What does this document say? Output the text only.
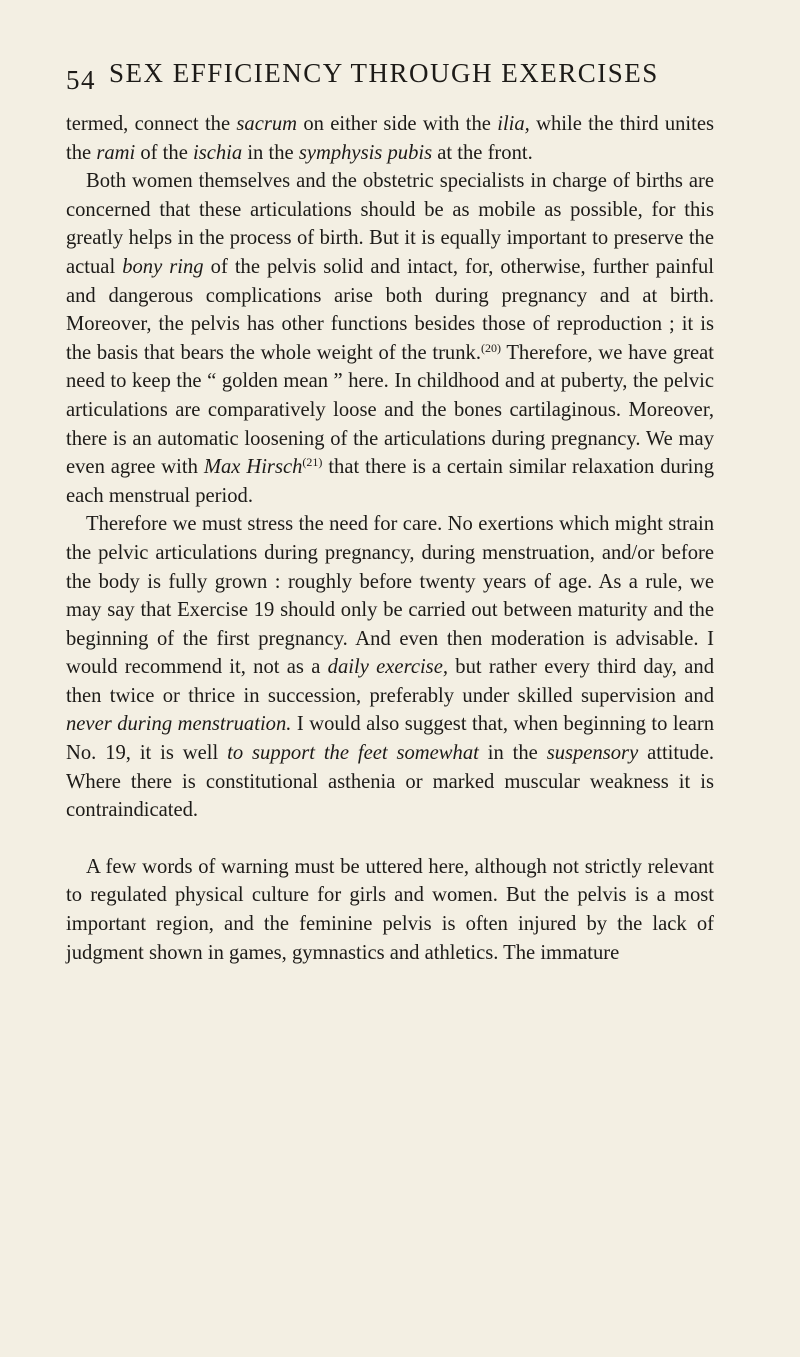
54 SEX EFFICIENCY THROUGH EXERCISES

termed, connect the sacrum on either side with the ilia, while the third unites the rami of the ischia in the symphysis pubis at the front.

Both women themselves and the obstetric specialists in charge of births are concerned that these articulations should be as mobile as possible, for this greatly helps in the process of birth. But it is equally important to preserve the actual bony ring of the pelvis solid and intact, for, otherwise, further painful and dangerous complications arise both during pregnancy and at birth. Moreover, the pelvis has other functions besides those of reproduction ; it is the basis that bears the whole weight of the trunk.$^{(20)}$ Therefore, we have great need to keep the “ golden mean ” here. In childhood and at puberty, the pelvic articulations are comparatively loose and the bones cartilaginous. Moreover, there is an automatic loosening of the articulations during pregnancy. We may even agree with Max Hirsch$^{(21)}$ that there is a certain similar relaxation during each menstrual period.

Therefore we must stress the need for care. No exertions which might strain the pelvic articulations during pregnancy, during menstruation, and/or before the body is fully grown : roughly before twenty years of age. As a rule, we may say that Exercise 19 should only be carried out between maturity and the beginning of the first pregnancy. And even then moderation is advisable. I would recommend it, not as a daily exercise, but rather every third day, and then twice or thrice in succession, preferably under skilled supervision and never during menstruation. I would also suggest that, when beginning to learn No. 19, it is well to support the feet somewhat in the suspensory attitude. Where there is constitutional asthenia or marked muscular weakness it is contraindicated.

A few words of warning must be uttered here, although not strictly relevant to regulated physical culture for girls and women. But the pelvis is a most important region, and the feminine pelvis is often injured by the lack of judgment shown in games, gymnastics and athletics. The immature
